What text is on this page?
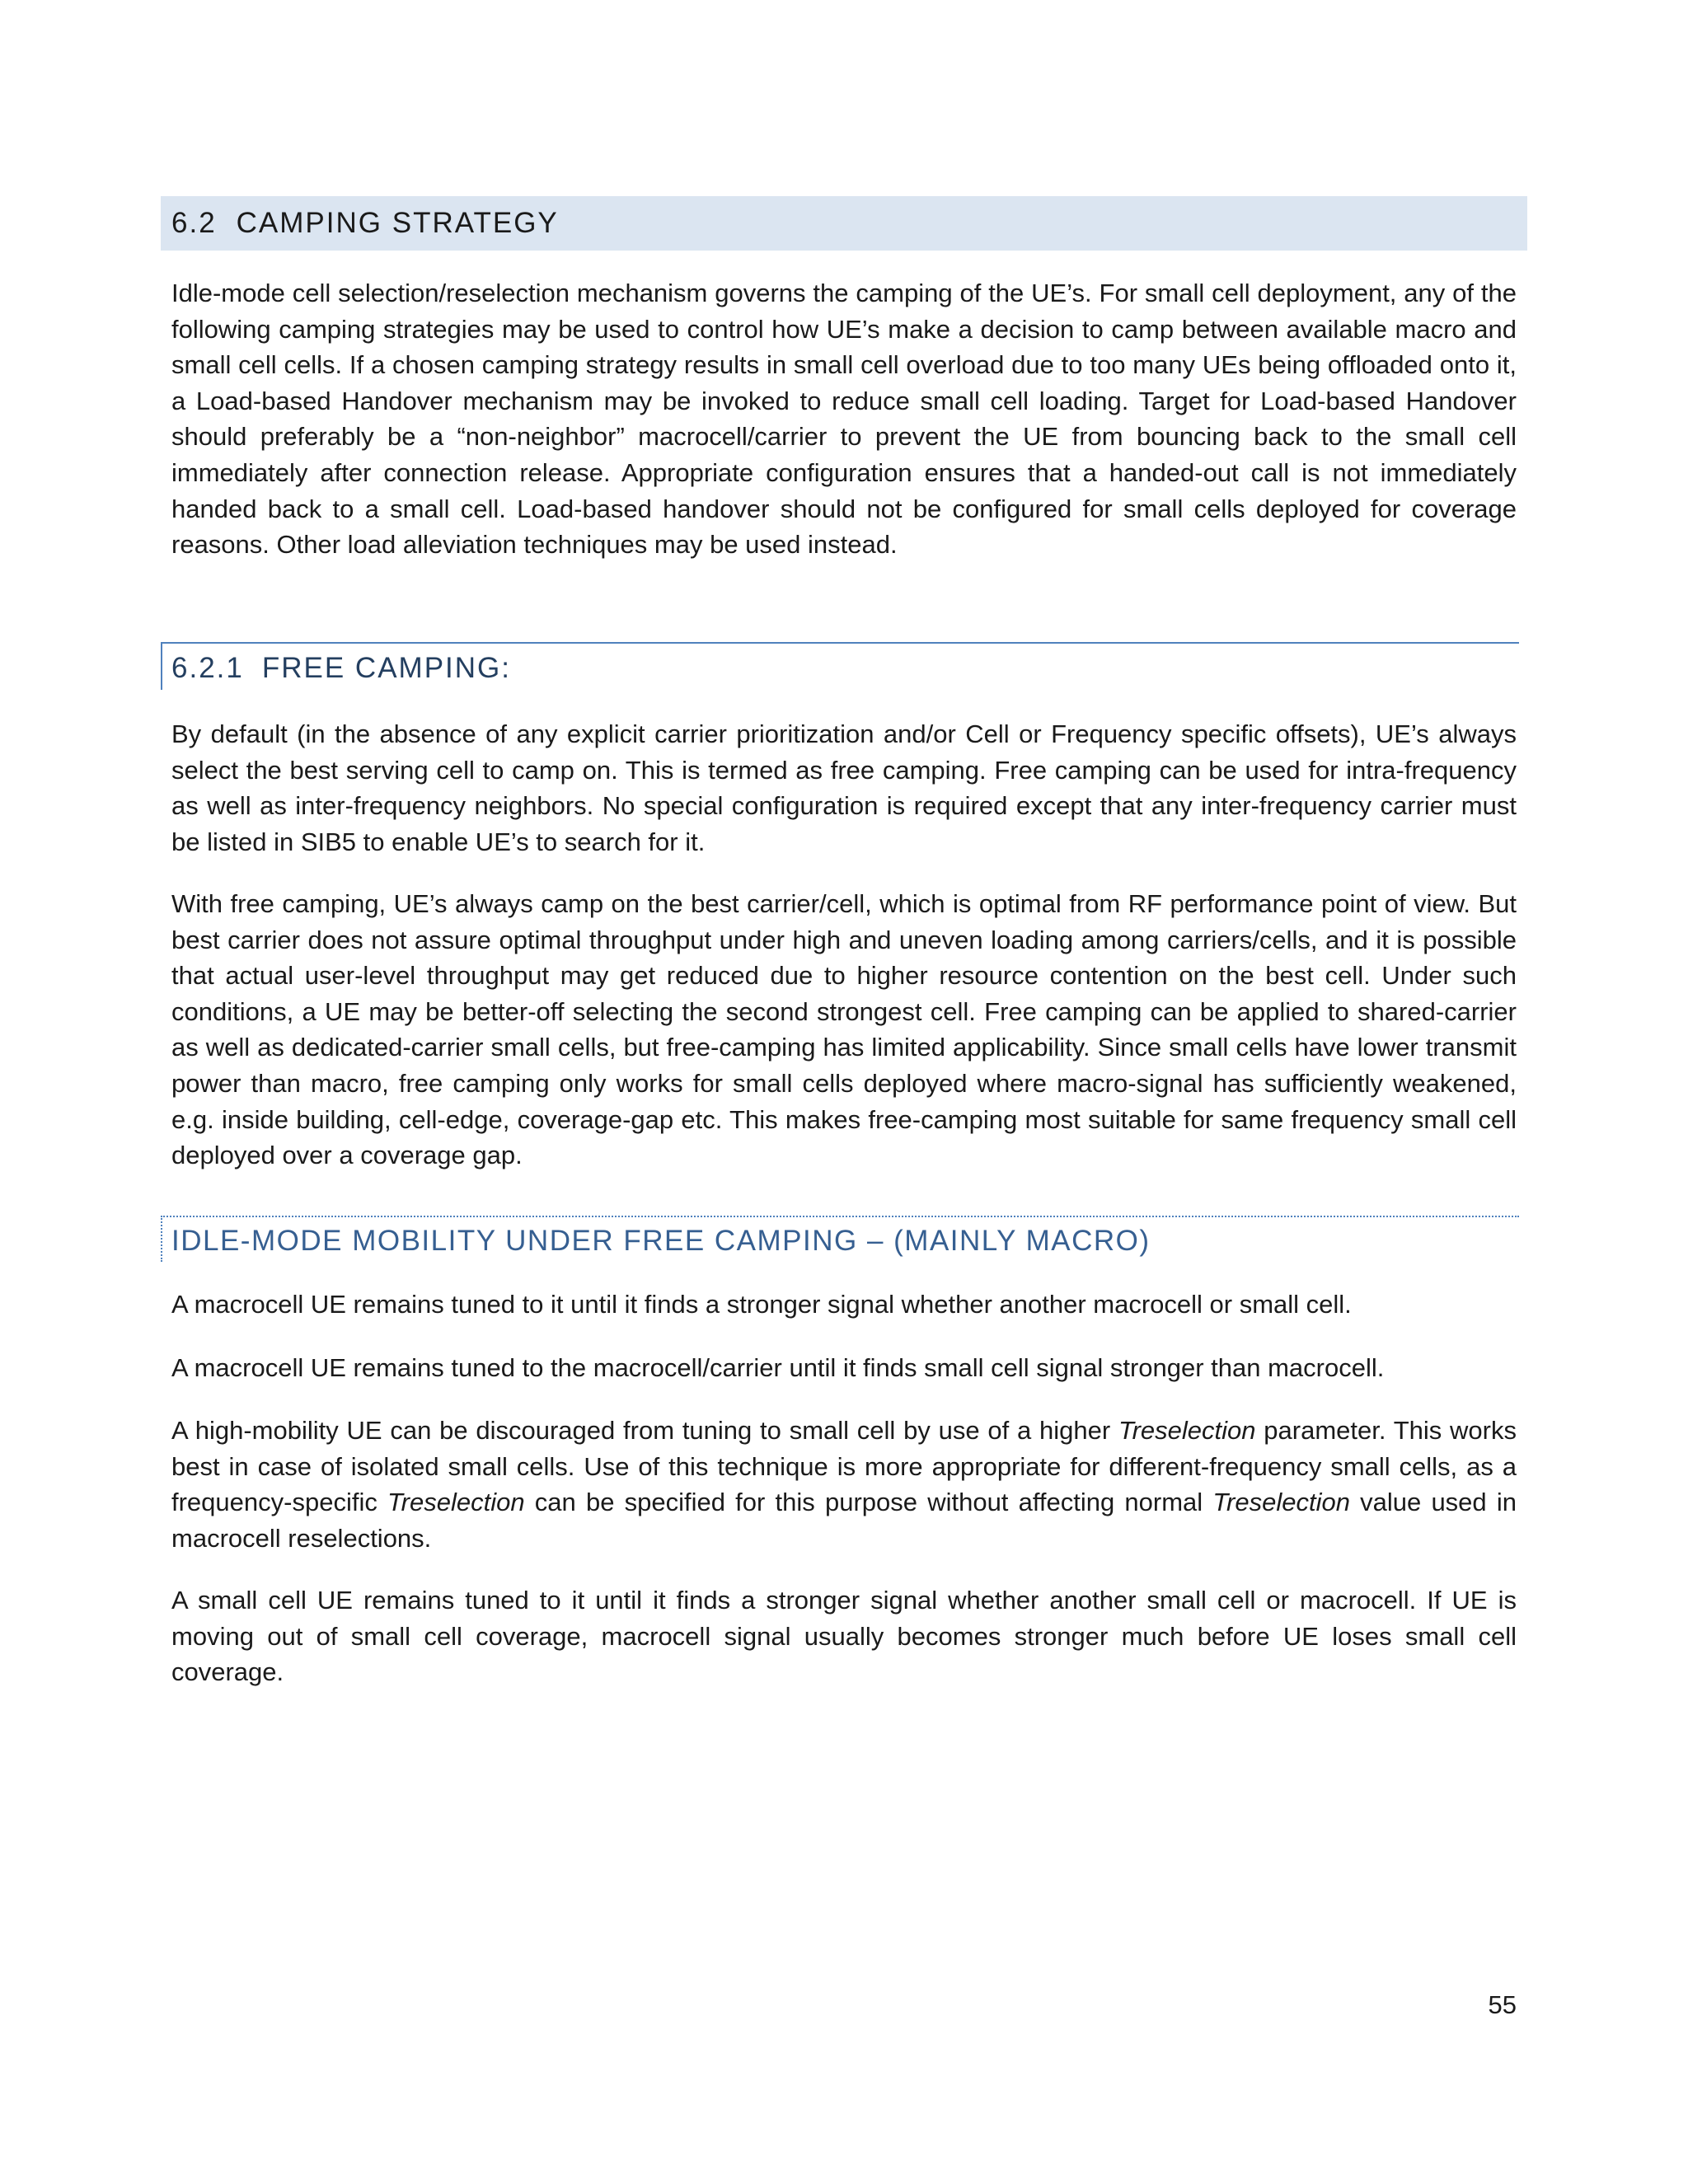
6.2 CAMPING STRATEGY

Idle-mode cell selection/reselection mechanism governs the camping of the UE’s. For small cell deployment, any of the following camping strategies may be used to control how UE’s make a decision to camp between available macro and small cell cells. If a chosen camping strategy results in small cell overload due to too many UEs being offloaded onto it, a Load-based Handover mechanism may be invoked to reduce small cell loading. Target for Load-based Handover should preferably be a “non-neighbor” macrocell/carrier to prevent the UE from bouncing back to the small cell immediately after connection release. Appropriate configuration ensures that a handed-out call is not immediately handed back to a small cell. Load-based handover should not be configured for small cells deployed for coverage reasons. Other load alleviation techniques may be used instead.

6.2.1 FREE CAMPING:

By default (in the absence of any explicit carrier prioritization and/or Cell or Frequency specific offsets), UE’s always select the best serving cell to camp on. This is termed as free camping. Free camping can be used for intra-frequency as well as inter-frequency neighbors. No special configuration is required except that any inter-frequency carrier must be listed in SIB5 to enable UE’s to search for it.

With free camping, UE’s always camp on the best carrier/cell, which is optimal from RF performance point of view. But best carrier does not assure optimal throughput under high and uneven loading among carriers/cells, and it is possible that actual user-level throughput may get reduced due to higher resource contention on the best cell. Under such conditions, a UE may be better-off selecting the second strongest cell. Free camping can be applied to shared-carrier as well as dedicated-carrier small cells, but free-camping has limited applicability. Since small cells have lower transmit power than macro, free camping only works for small cells deployed where macro-signal has sufficiently weakened, e.g. inside building, cell-edge, coverage-gap etc. This makes free-camping most suitable for same frequency small cell deployed over a coverage gap.

IDLE-MODE MOBILITY UNDER FREE CAMPING – (MAINLY MACRO)

A macrocell UE remains tuned to it until it finds a stronger signal whether another macrocell or small cell.

A macrocell UE remains tuned to the macrocell/carrier until it finds small cell signal stronger than macrocell.

A high-mobility UE can be discouraged from tuning to small cell by use of a higher Treselection parameter. This works best in case of isolated small cells. Use of this technique is more appropriate for different-frequency small cells, as a frequency-specific Treselection can be specified for this purpose without affecting normal Treselection value used in macrocell reselections.

A small cell UE remains tuned to it until it finds a stronger signal whether another small cell or macrocell. If UE is moving out of small cell coverage, macrocell signal usually becomes stronger much before UE loses small cell coverage.

55
